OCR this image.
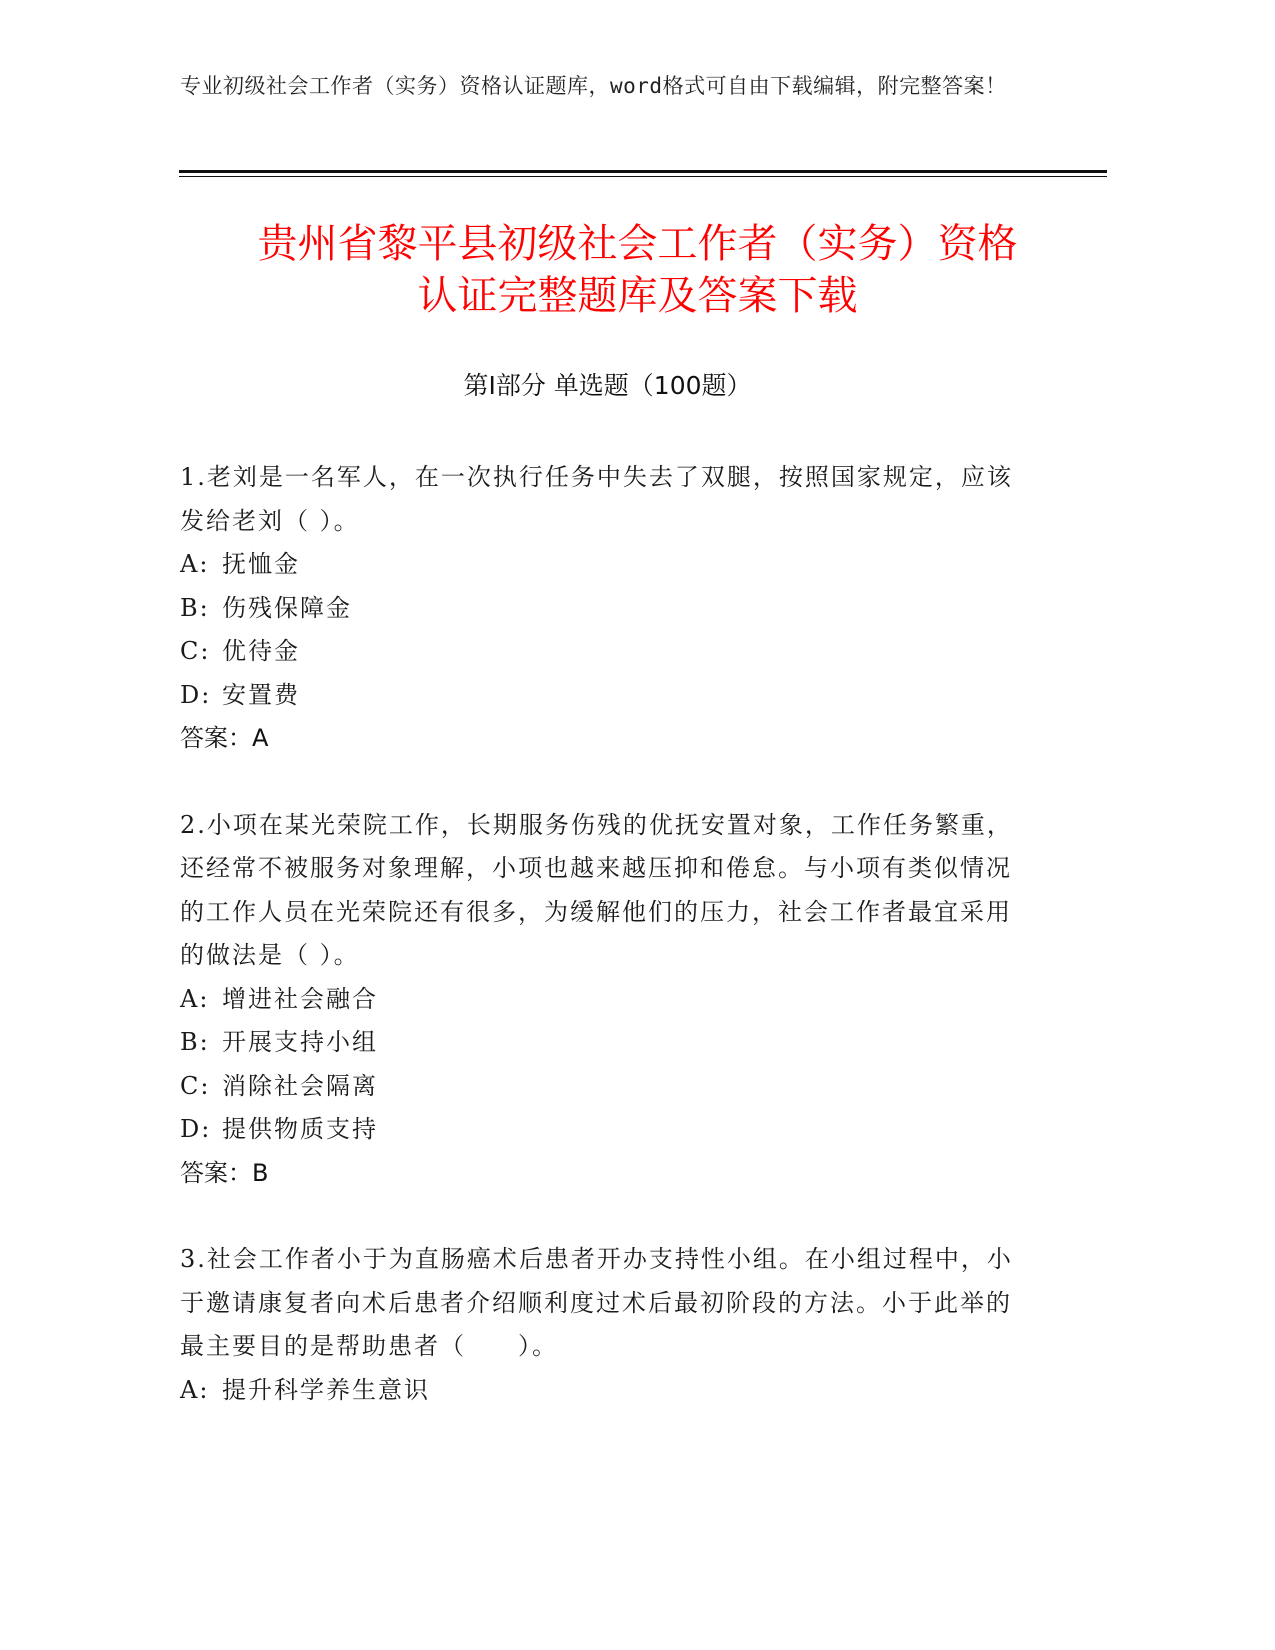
专业初级社会工作者（实务）资格认证题库，word格式可自由下载编辑，附完整答案！
贵州省黎平县初级社会工作者（实务）资格
认证完整题库及答案下载
第I部分 单选题（100题）
1.老刘是一名军人，在一次执行任务中失去了双腿，按照国家规定，应该发给老刘（ ）。
A: 抚恤金
B: 伤残保障金
C: 优待金
D: 安置费
答案：A
2.小项在某光荣院工作，长期服务伤残的优抚安置对象，工作任务繁重，还经常不被服务对象理解，小项也越来越压抑和倦怠。与小项有类似情况的工作人员在光荣院还有很多，为缓解他们的压力，社会工作者最宜采用的做法是（ ）。
A: 增进社会融合
B: 开展支持小组
C: 消除社会隔离
D: 提供物质支持
答案：B
3.社会工作者小于为直肠癌术后患者开办支持性小组。在小组过程中，小于邀请康复者向术后患者介绍顺利度过术后最初阶段的方法。小于此举的最主要目的是帮助患者（　　）。
A: 提升科学养生意识
